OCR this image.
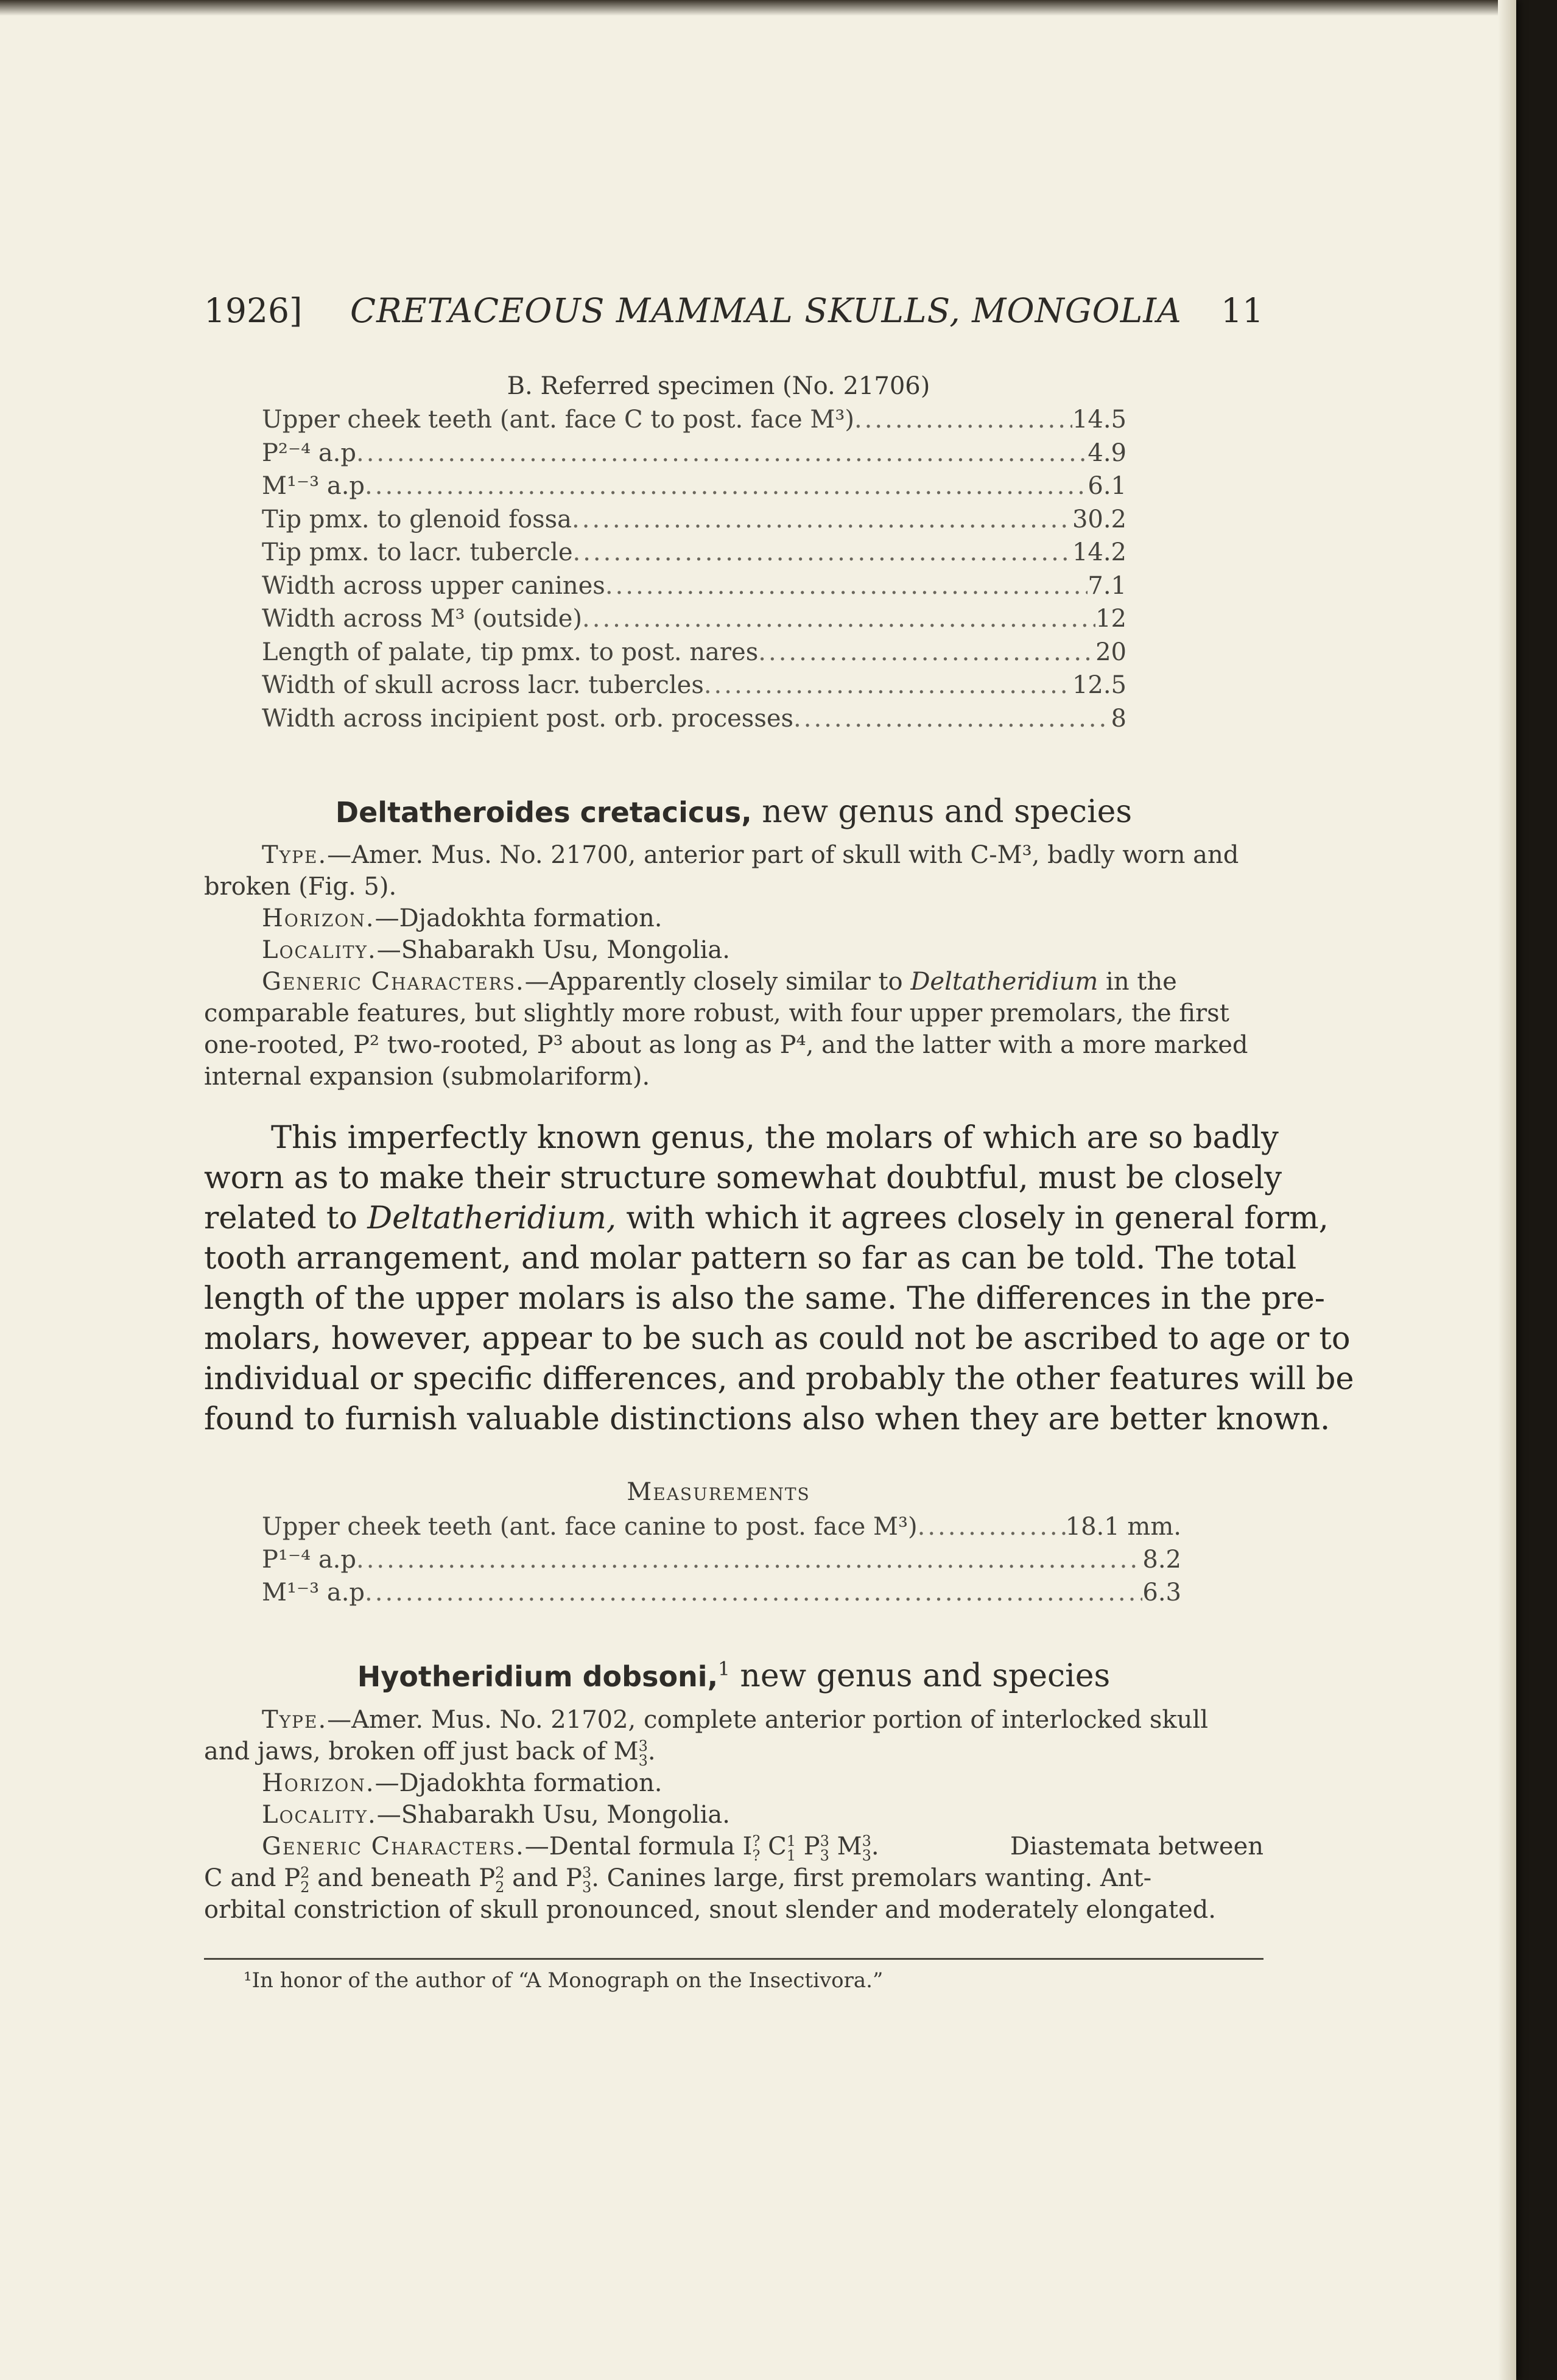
1926] CRETACEOUS MAMMAL SKULLS, MONGOLIA 11
B. Referred specimen (No. 21706)
Upper cheek teeth (ant. face C to post. face M³) .....	14.5
P²⁻⁴ a.p .....	4.9
M¹⁻³ a.p .....	6.1
Tip pmx. to glenoid fossa .....	30.2
Tip pmx. to lacr. tubercle .....	14.2
Width across upper canines .....	7.1
Width across M³ (outside) .....	12
Length of palate, tip pmx. to post. nares .....	20
Width of skull across lacr. tubercles .....	12.5
Width across incipient post. orb. processes .....	8
Deltatheroides cretacicus, new genus and species
Type.—Amer. Mus. No. 21700, anterior part of skull with C-M³, badly worn and
broken (Fig. 5).
Horizon.—Djadokhta formation.
Locality.—Shabarakh Usu, Mongolia.
Generic Characters.—Apparently closely similar to Deltatheridium in the
comparable features, but slightly more robust, with four upper premolars, the first
one-rooted, P² two-rooted, P³ about as long as P⁴, and the latter with a more marked
internal expansion (submolariform).
This imperfectly known genus, the molars of which are so badly
worn as to make their structure somewhat doubtful, must be closely
related to Deltatheridium, with which it agrees closely in general form,
tooth arrangement, and molar pattern so far as can be told. The total
length of the upper molars is also the same. The differences in the pre-
molars, however, appear to be such as could not be ascribed to age or to
individual or specific differences, and probably the other features will be
found to furnish valuable distinctions also when they are better known.
Measurements
Upper cheek teeth (ant. face canine to post. face M³) .....	18.1 mm.
P¹⁻⁴ a.p .....	8.2
M¹⁻³ a.p .....	6.3
Hyotheridium dobsoni,$^1$ new genus and species
Type.—Amer. Mus. No. 21702, complete anterior portion of interlocked skull
and jaws, broken off just back of M3
3.
Horizon.—Djadokhta formation.
Locality.—Shabarakh Usu, Mongolia.
Generic Characters.—Dental formula I?
? C1
1 P3
3 M3
3.	Diastemata between
C and P2
2 and beneath P2
2 and P3
3. Canines large, first premolars wanting. Ant-
orbital constriction of skull pronounced, snout slender and moderately elongated.
¹In honor of the author of “A Monograph on the Insectivora.”
